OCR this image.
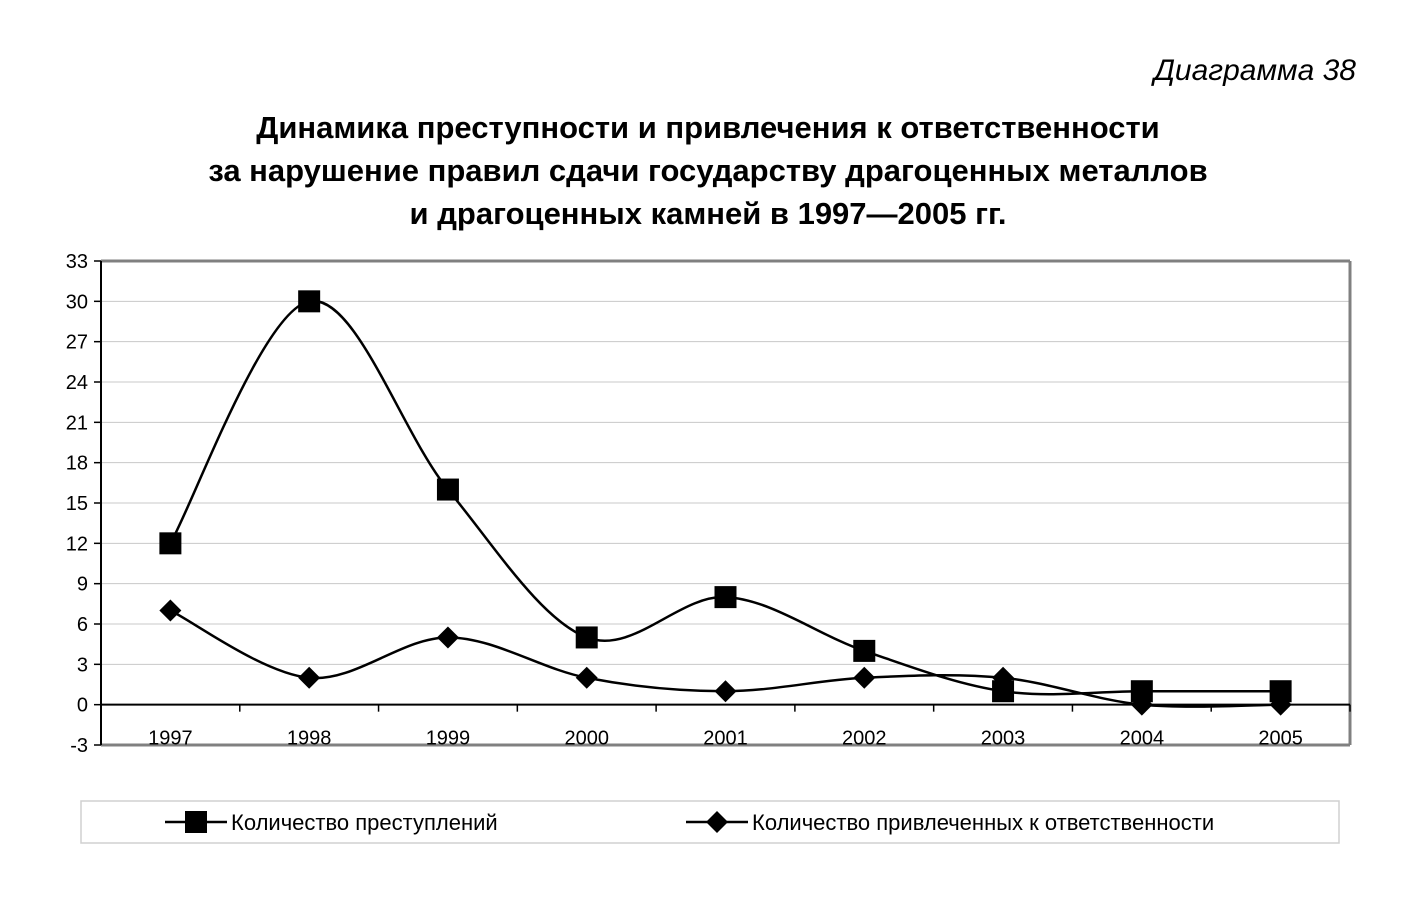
Диаграмма 38
Динамика преступности и привлечения к ответственности
за нарушение правил сдачи государству драгоценных металлов
и драгоценных камней в 1997—2005 гг.
-3
0
3
6
9
12
15
18
21
24
27
30
33
1997	1998	1999	2000	2001	2002	2003	2004	2005
Количество преступлений	Количество привлеченных к ответственности
